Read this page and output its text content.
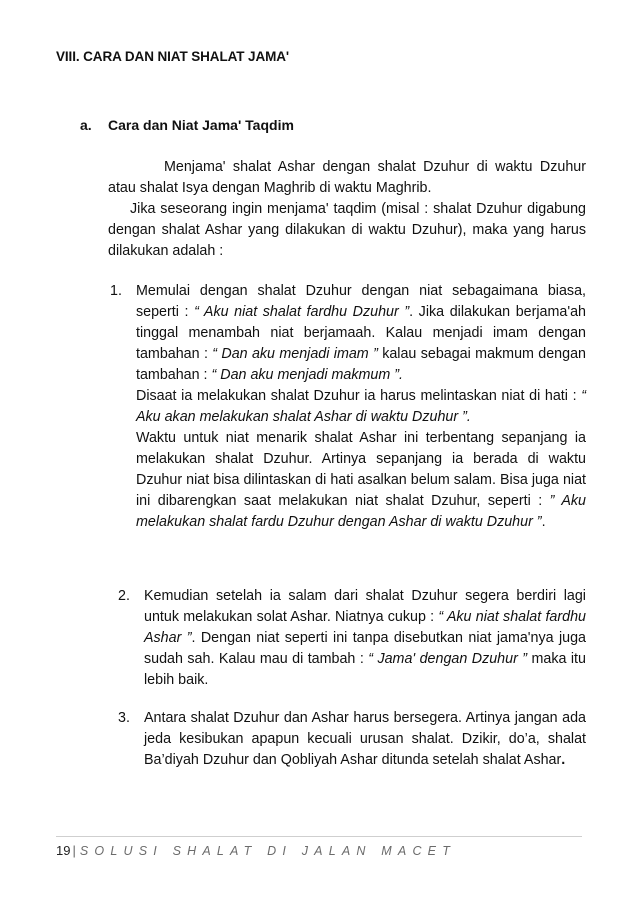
VIII. CARA DAN NIAT SHALAT JAMA'
a. Cara dan Niat Jama' Taqdim

Menjama' shalat Ashar dengan shalat Dzuhur di waktu Dzuhur atau shalat Isya dengan Maghrib di waktu Maghrib.

Jika seseorang ingin menjama' taqdim (misal : shalat Dzuhur digabung dengan shalat Ashar yang dilakukan di waktu Dzuhur), maka yang harus dilakukan adalah :

1. Memulai dengan shalat Dzuhur dengan niat sebagaimana biasa, seperti : “ Aku niat shalat fardhu Dzuhur ”. Jika dilakukan berjama'ah tinggal menambah niat berjamaah. Kalau menjadi imam dengan tambahan : “ Dan aku menjadi imam ” kalau sebagai makmum dengan tambahan : “ Dan aku menjadi makmum ”.

Disaat ia melakukan shalat Dzuhur ia harus melintaskan niat di hati : “ Aku akan melakukan shalat Ashar di waktu Dzuhur ”.

Waktu untuk niat menarik shalat Ashar ini terbentang sepanjang ia melakukan shalat Dzuhur. Artinya sepanjang ia berada di waktu Dzuhur niat bisa dilintaskan di hati asalkan belum salam. Bisa juga niat ini dibarengkan saat melakukan niat shalat Dzuhur, seperti : ” Aku melakukan shalat fardu Dzuhur dengan Ashar di waktu Dzuhur ”.

2. Kemudian setelah ia salam dari shalat Dzuhur segera berdiri lagi untuk melakukan solat Ashar. Niatnya cukup : “ Aku niat shalat fardhu Ashar ”. Dengan niat seperti ini tanpa disebutkan niat jama'nya juga sudah sah. Kalau mau di tambah : “ Jama' dengan Dzuhur ” maka itu lebih baik.

3. Antara shalat Dzuhur dan Ashar harus bersegera. Artinya jangan ada jeda kesibukan apapun kecuali urusan shalat. Dzikir, do’a, shalat Ba’diyah Dzuhur dan Qobliyah Ashar ditunda setelah shalat Ashar.

19 | SOLUSI SHALAT DI JALAN MACET
